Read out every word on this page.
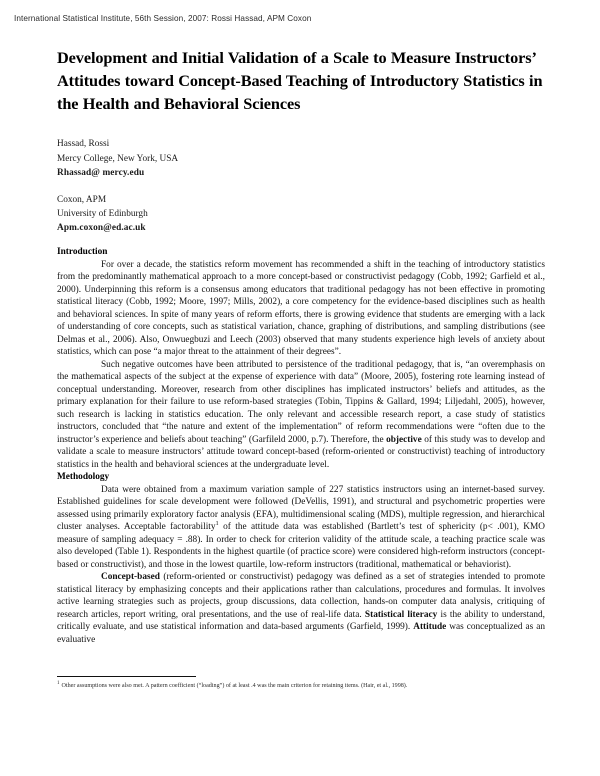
International Statistical Institute, 56th Session, 2007: Rossi Hassad, APM Coxon
Development and Initial Validation of a Scale to Measure Instructors’ Attitudes toward Concept-Based Teaching of Introductory Statistics in the Health and Behavioral Sciences
Hassad, Rossi
Mercy College, New York, USA
Rhassad@ mercy.edu
Coxon, APM
University of Edinburgh
Apm.coxon@ed.ac.uk
Introduction

For over a decade, the statistics reform movement has recommended a shift in the teaching of introductory statistics from the predominantly mathematical approach to a more concept-based or constructivist pedagogy (Cobb, 1992; Garfield et al., 2000). Underpinning this reform is a consensus among educators that traditional pedagogy has not been effective in promoting statistical literacy (Cobb, 1992; Moore, 1997; Mills, 2002), a core competency for the evidence-based disciplines such as health and behavioral sciences. In spite of many years of reform efforts, there is growing evidence that students are emerging with a lack of understanding of core concepts, such as statistical variation, chance, graphing of distributions, and sampling distributions (see Delmas et al., 2006). Also, Onwuegbuzi and Leech (2003) observed that many students experience high levels of anxiety about statistics, which can pose “a major threat to the attainment of their degrees”.

Such negative outcomes have been attributed to persistence of the traditional pedagogy, that is, “an overemphasis on the mathematical aspects of the subject at the expense of experience with data” (Moore, 2005), fostering rote learning instead of conceptual understanding. Moreover, research from other disciplines has implicated instructors’ beliefs and attitudes, as the primary explanation for their failure to use reform-based strategies (Tobin, Tippins & Gallard, 1994; Liljedahl, 2005), however, such research is lacking in statistics education. The only relevant and accessible research report, a case study of statistics instructors, concluded that “the nature and extent of the implementation” of reform recommendations were “often due to the instructor’s experience and beliefs about teaching” (Garfileld 2000, p.7). Therefore, the objective of this study was to develop and validate a scale to measure instructors’ attitude toward concept-based (reform-oriented or constructivist) teaching of introductory statistics in the health and behavioral sciences at the undergraduate level.

Methodology

Data were obtained from a maximum variation sample of 227 statistics instructors using an internet-based survey. Established guidelines for scale development were followed (DeVellis, 1991), and structural and psychometric properties were assessed using primarily exploratory factor analysis (EFA), multidimensional scaling (MDS), multiple regression, and hierarchical cluster analyses. Acceptable factorability$^1$ of the attitude data was established (Bartlett’s test of sphericity (p< .001), KMO measure of sampling adequacy = .88). In order to check for criterion validity of the attitude scale, a teaching practice scale was also developed (Table 1). Respondents in the highest quartile (of practice score) were considered high-reform instructors (concept-based or constructivist), and those in the lowest quartile, low-reform instructors (traditional, mathematical or behaviorist).

Concept-based (reform-oriented or constructivist) pedagogy was defined as a set of strategies intended to promote statistical literacy by emphasizing concepts and their applications rather than calculations, procedures and formulas. It involves active learning strategies such as projects, group discussions, data collection, hands-on computer data analysis, critiquing of research articles, report writing, oral presentations, and the use of real-life data. Statistical literacy is the ability to understand, critically evaluate, and use statistical information and data-based arguments (Garfield, 1999). Attitude was conceptualized as an evaluative

$^1$ Other assumptions were also met. A pattern coefficient (“loading”) of at least .4 was the main criterion for retaining items. (Hair, et al., 1998).
